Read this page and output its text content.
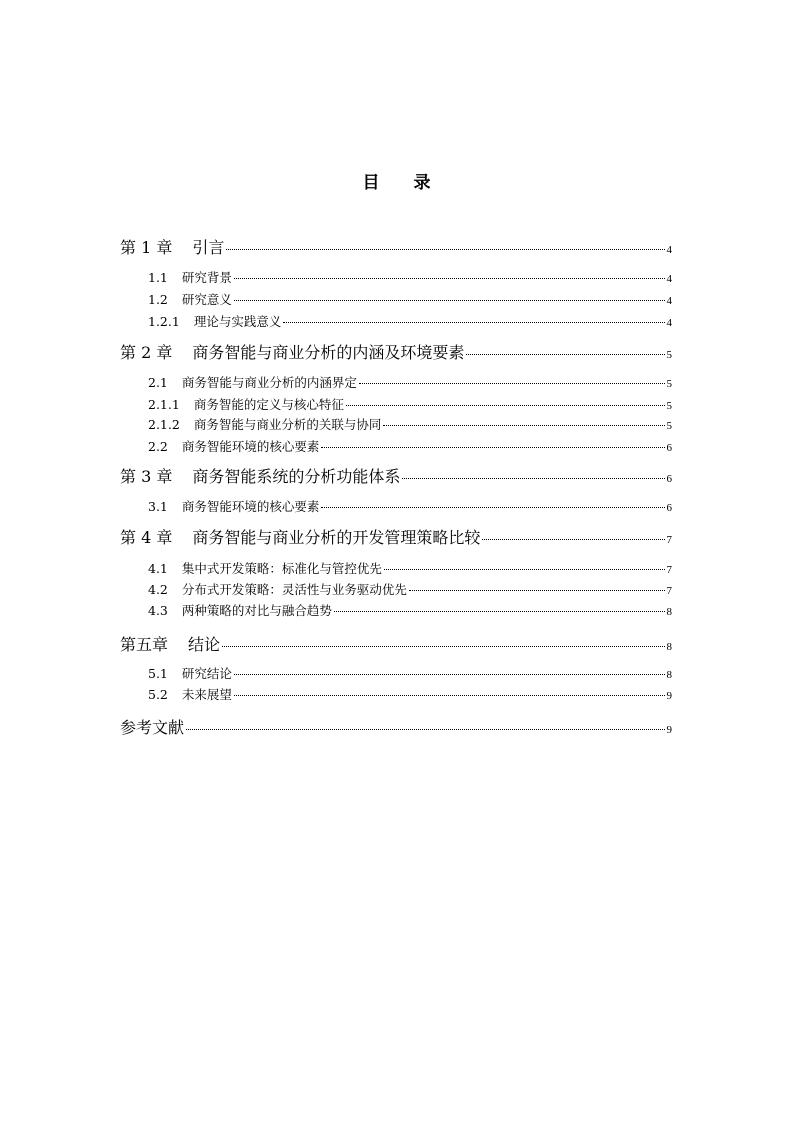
目 录
第 1 章 引言	4
1.1 研究背景	4
1.2 研究意义	4
1.2.1 理论与实践意义	4
第 2 章 商务智能与商业分析的内涵及环境要素	5
2.1 商务智能与商业分析的内涵界定	5
2.1.1 商务智能的定义与核心特征	5
2.1.2 商务智能与商业分析的关联与协同	5
2.2 商务智能环境的核心要素	6
第 3 章 商务智能系统的分析功能体系	6
3.1 商务智能环境的核心要素	6
第 4 章 商务智能与商业分析的开发管理策略比较	7
4.1 集中式开发策略：标准化与管控优先	7
4.2 分布式开发策略：灵活性与业务驱动优先	7
4.3 两种策略的对比与融合趋势	8
第五章 结论	8
5.1 研究结论	8
5.2 未来展望	9
参考文献	9
